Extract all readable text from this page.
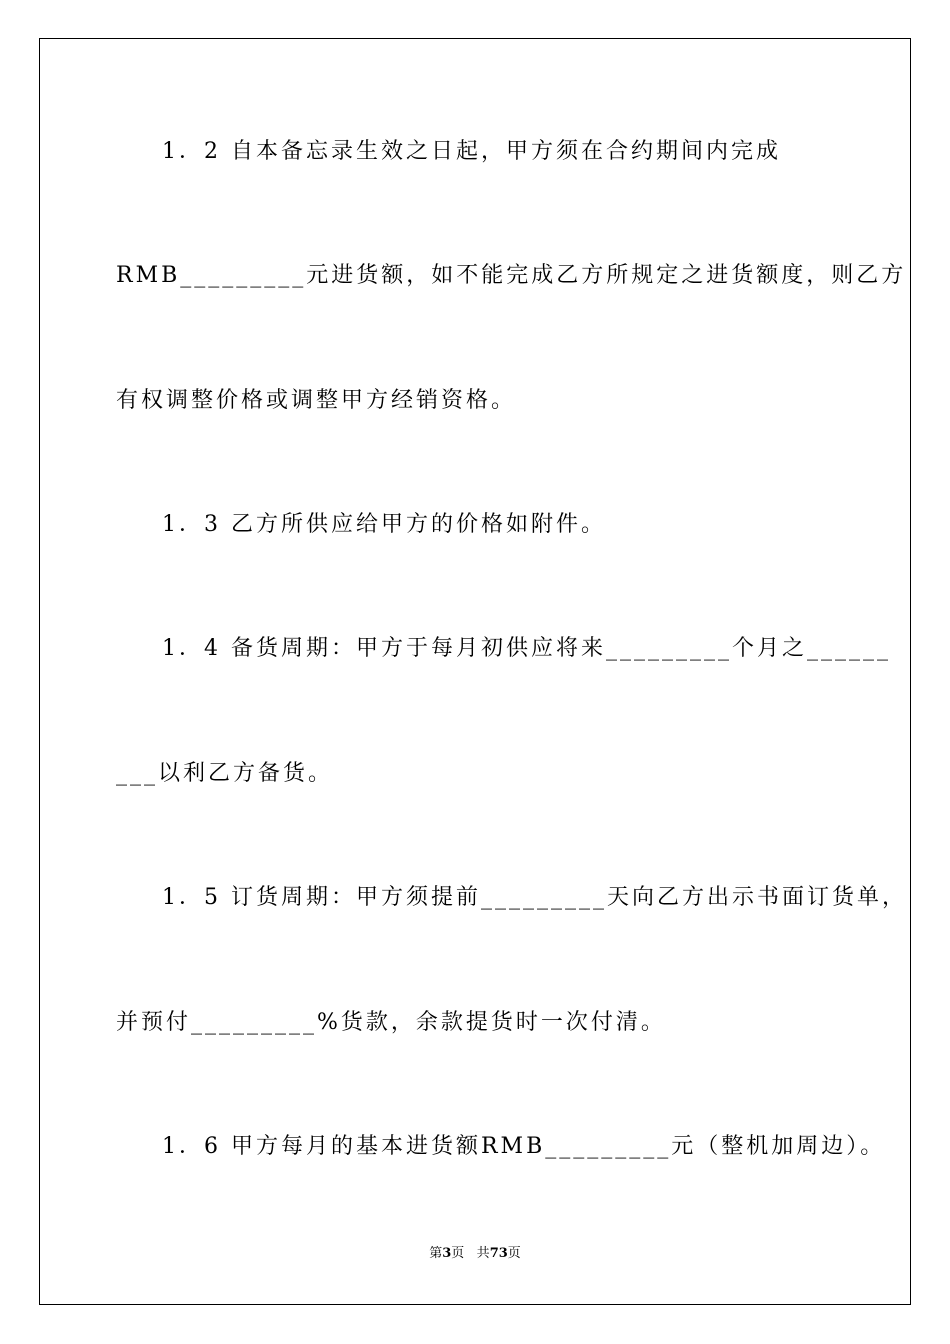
1．2 自本备忘录生效之日起，甲方须在合约期间内完成
RMB_________元进货额，如不能完成乙方所规定之进货额度，则乙方
有权调整价格或调整甲方经销资格。
1．3 乙方所供应给甲方的价格如附件。
1．4 备货周期：甲方于每月初供应将来_________个月之______
___以利乙方备货。
1．5 订货周期：甲方须提前_________天向乙方出示书面订货单，
并预付_________%货款，余款提货时一次付清。
1．6 甲方每月的基本进货额RMB_________元（整机加周边）。
第3页 共73页
